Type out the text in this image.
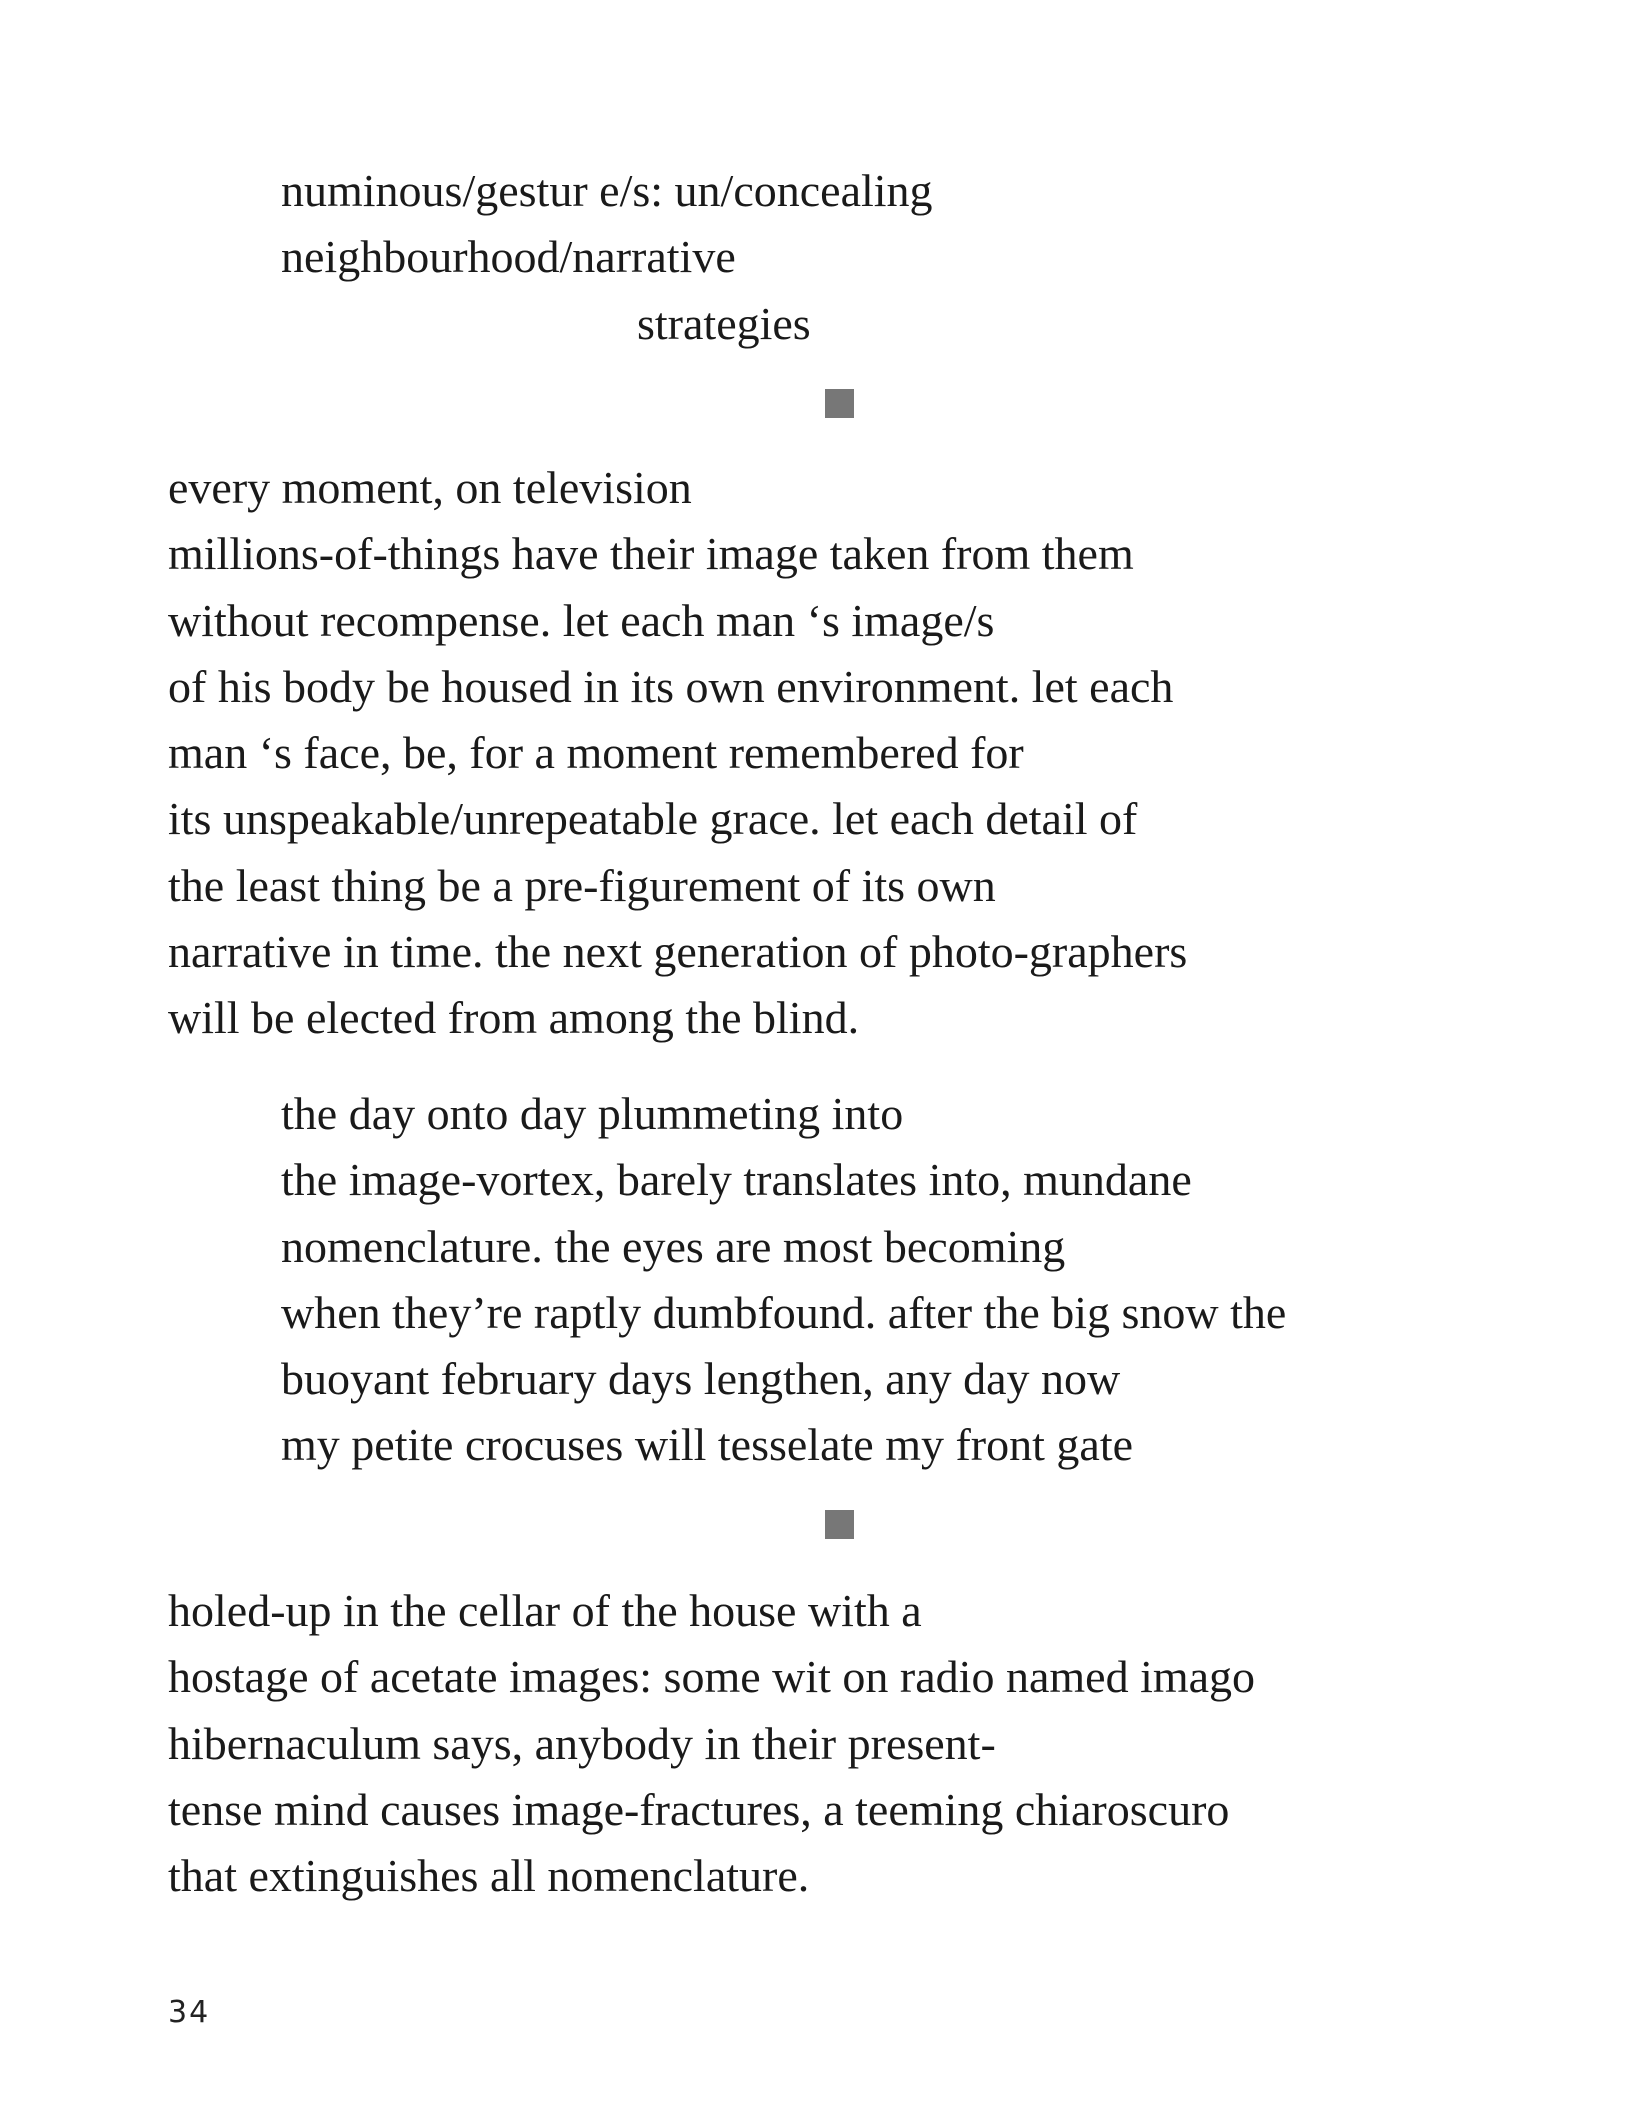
numinous/gestur e/s: un/concealing
neighbourhood/narrative
strategies
every moment, on television
millions-of-things have their image taken from them
without recompense. let each man ‘s image/s
of his body be housed in its own environment. let each
man ‘s face, be, for a moment remembered for
its unspeakable/unrepeatable grace. let each detail of
the least thing be a pre-figurement of its own
narrative in time. the next generation of photo-graphers
will be elected from among the blind.
the day onto day plummeting into
the image-vortex, barely translates into, mundane
nomenclature. the eyes are most becoming
when they’re raptly dumbfound. after the big snow the
buoyant february days lengthen, any day now
my petite crocuses will tesselate my front gate
holed-up in the cellar of the house with a
hostage of acetate images: some wit on radio named imago
hibernaculum says, anybody in their present-
tense mind causes image-fractures, a teeming chiaroscuro
that extinguishes all nomenclature.
34
